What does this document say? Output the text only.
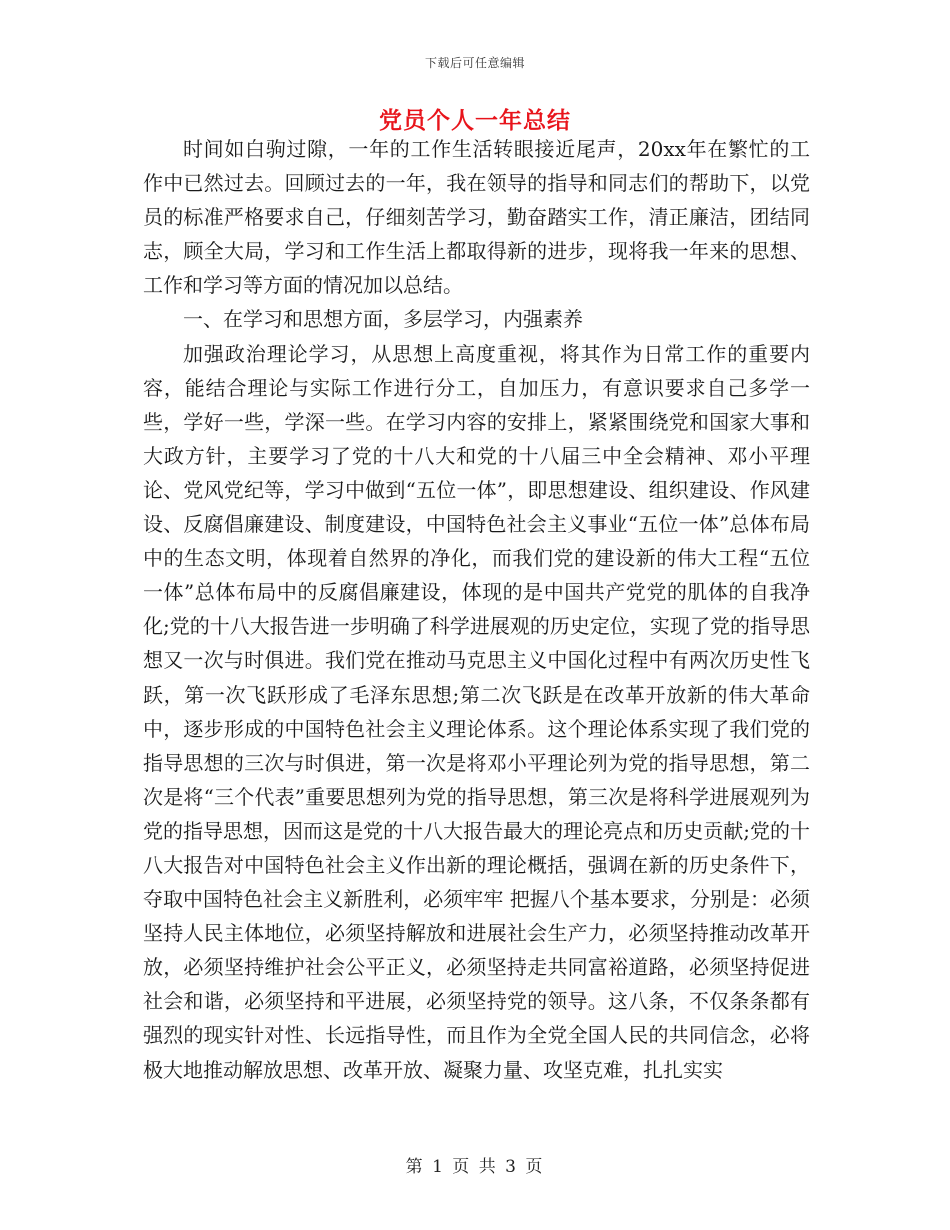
下载后可任意编辑
党员个人一年总结

时间如白驹过隙，一年的工作生活转眼接近尾声，20xx年在繁忙的工作中已然过去。回顾过去的一年，我在领导的指导和同志们的帮助下，以党员的标准严格要求自己，仔细刻苦学习，勤奋踏实工作，清正廉洁，团结同志，顾全大局，学习和工作生活上都取得新的进步，现将我一年来的思想、工作和学习等方面的情况加以总结。

一、在学习和思想方面，多层学习，内强素养

加强政治理论学习，从思想上高度重视，将其作为日常工作的重要内容，能结合理论与实际工作进行分工，自加压力，有意识要求自己多学一些，学好一些，学深一些。在学习内容的安排上，紧紧围绕党和国家大事和大政方针，主要学习了党的十八大和党的十八届三中全会精神、邓小平理论、党风党纪等，学习中做到“五位一体”，即思想建设、组织建设、作风建设、反腐倡廉建设、制度建设，中国特色社会主义事业“五位一体”总体布局中的生态文明，体现着自然界的净化，而我们党的建设新的伟大工程“五位一体”总体布局中的反腐倡廉建设，体现的是中国共产党党的肌体的自我净化;党的十八大报告进一步明确了科学进展观的历史定位，实现了党的指导思想又一次与时俱进。我们党在推动马克思主义中国化过程中有两次历史性飞跃，第一次飞跃形成了毛泽东思想;第二次飞跃是在改革开放新的伟大革命中，逐步形成的中国特色社会主义理论体系。这个理论体系实现了我们党的指导思想的三次与时俱进，第一次是将邓小平理论列为党的指导思想，第二次是将“三个代表”重要思想列为党的指导思想，第三次是将科学进展观列为党的指导思想，因而这是党的十八大报告最大的理论亮点和历史贡献;党的十八大报告对中国特色社会主义作出新的理论概括，强调在新的历史条件下，夺取中国特色社会主义新胜利，必须牢牢 把握八个基本要求，分别是：必须坚持人民主体地位，必须坚持解放和进展社会生产力，必须坚持推动改革开放，必须坚持维护社会公平正义，必须坚持走共同富裕道路，必须坚持促进社会和谐，必须坚持和平进展，必须坚持党的领导。这八条，不仅条条都有强烈的现实针对性、长远指导性，而且作为全党全国人民的共同信念，必将极大地推动解放思想、改革开放、凝聚力量、攻坚克难，扎扎实实

第 1 页 共 3 页
